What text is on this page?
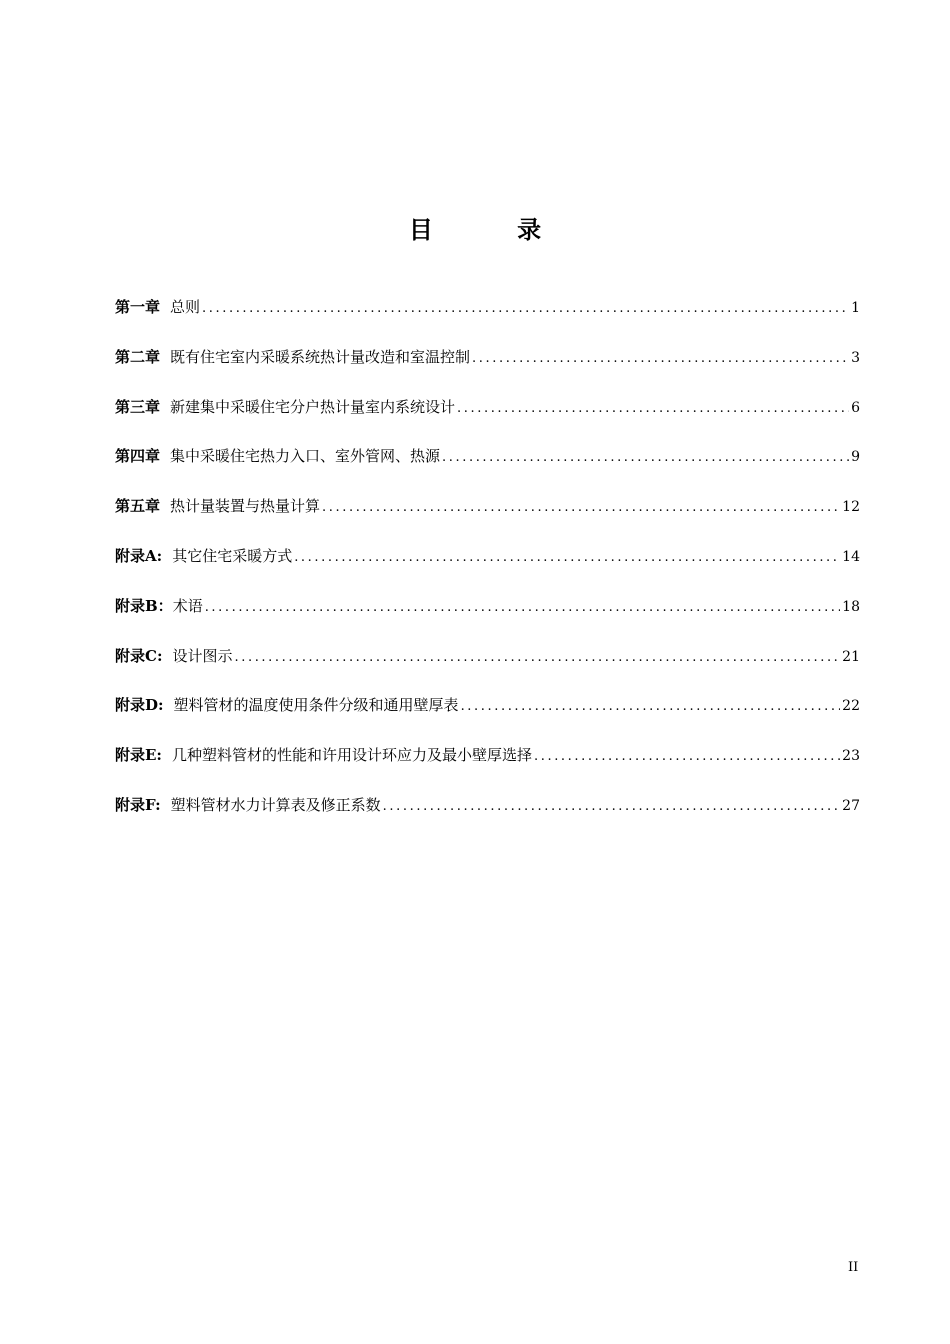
目 录
第一章 总则 .....	1
第二章 既有住宅室内采暖系统热计量改造和室温控制 .....	3
第三章 新建集中采暖住宅分户热计量室内系统设计 .....	6
第四章 集中采暖住宅热力入口、室外管网、热源 .....	9
第五章 热计量装置与热量计算 .....	12
附录A: 其它住宅采暖方式 .....	14
附录B：术语 .....	18
附录C: 设计图示 .....	21
附录D: 塑料管材的温度使用条件分级和通用壁厚表 .....	22
附录E: 几种塑料管材的性能和许用设计环应力及最小壁厚选择 .....	23
附录F: 塑料管材水力计算表及修正系数 .....	27
II
